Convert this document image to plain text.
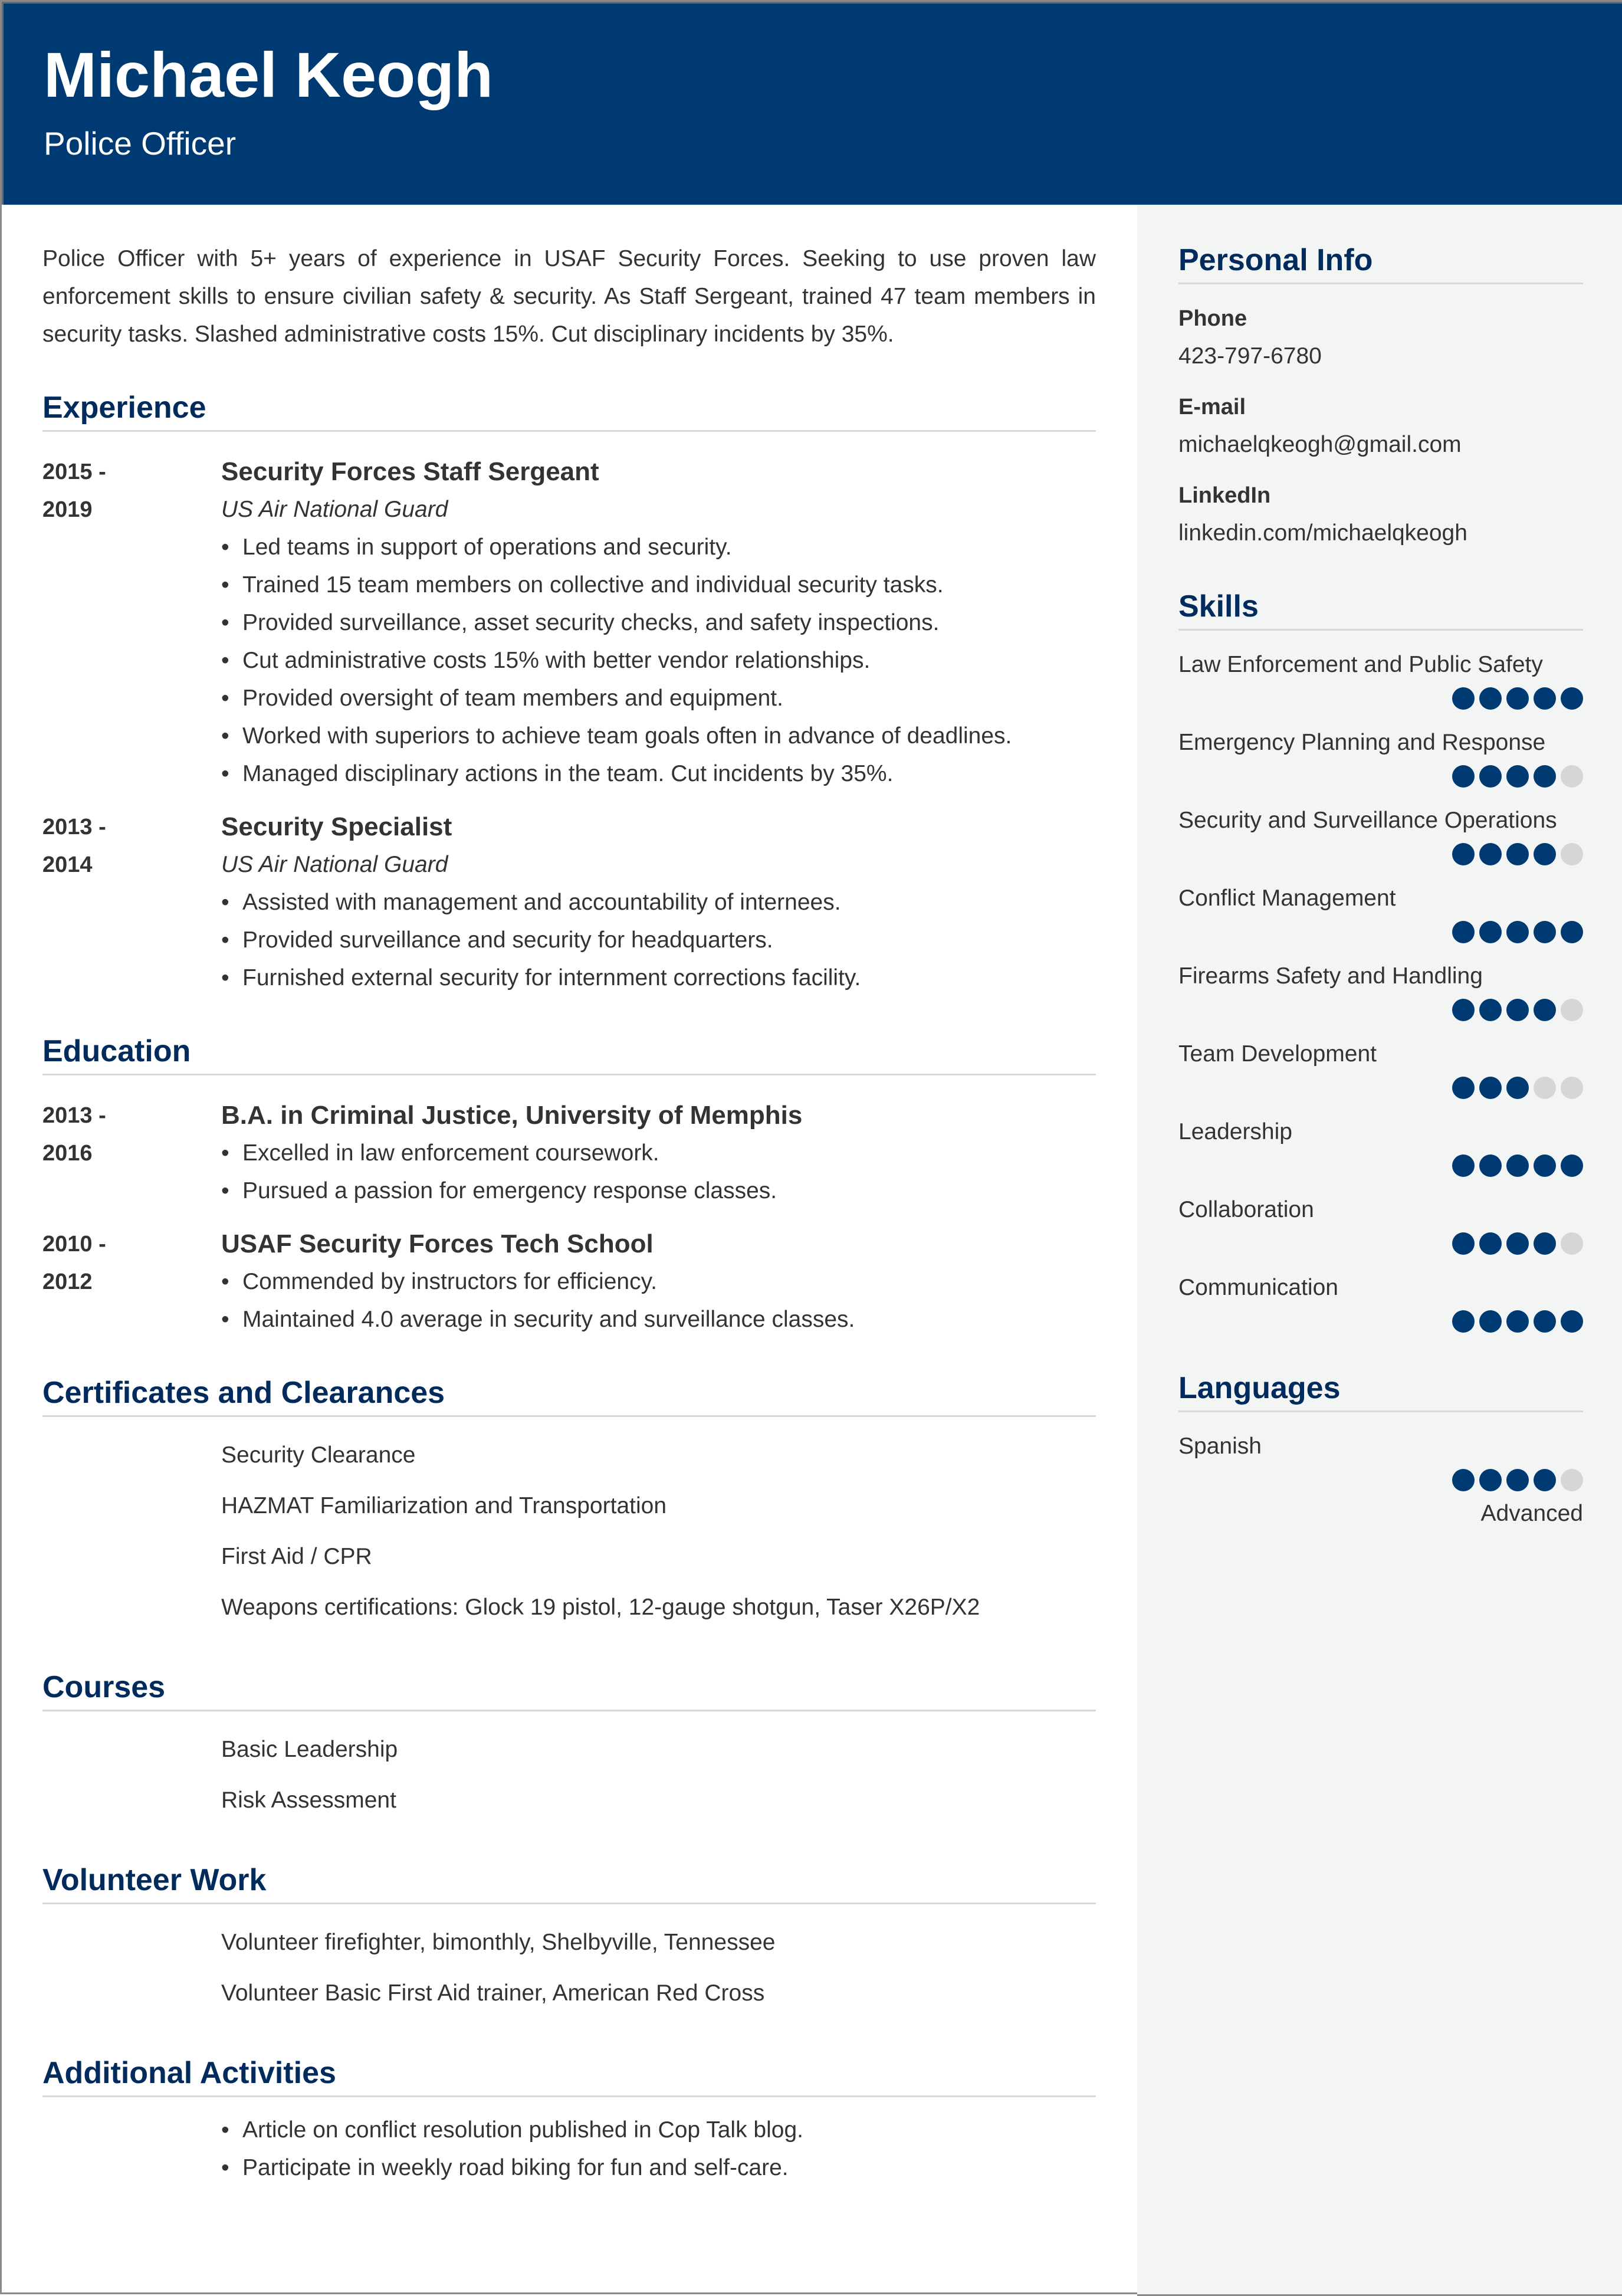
Michael Keogh
Police Officer

Police Officer with 5+ years of experience in USAF Security Forces. Seeking to use proven law enforcement skills to ensure civilian safety & security. As Staff Sergeant, trained 47 team members in security tasks. Slashed administrative costs 15%. Cut disciplinary incidents by 35%.

Experience
2015 -
2019
Security Forces Staff Sergeant
US Air National Guard
• Led teams in support of operations and security.
• Trained 15 team members on collective and individual security tasks.
• Provided surveillance, asset security checks, and safety inspections.
• Cut administrative costs 15% with better vendor relationships.
• Provided oversight of team members and equipment.
• Worked with superiors to achieve team goals often in advance of deadlines.
• Managed disciplinary actions in the team. Cut incidents by 35%.
2013 -
2014
Security Specialist
US Air National Guard
• Assisted with management and accountability of internees.
• Provided surveillance and security for headquarters.
• Furnished external security for internment corrections facility.
Education
2013 -
2016
B.A. in Criminal Justice, University of Memphis
• Excelled in law enforcement coursework.
• Pursued a passion for emergency response classes.
2010 -
2012
USAF Security Forces Tech School
• Commended by instructors for efficiency.
• Maintained 4.0 average in security and surveillance classes.
Certificates and Clearances
Security Clearance
HAZMAT Familiarization and Transportation
First Aid / CPR
Weapons certifications: Glock 19 pistol, 12-gauge shotgun, Taser X26P/X2
Courses
Basic Leadership
Risk Assessment
Volunteer Work
Volunteer firefighter, bimonthly, Shelbyville, Tennessee
Volunteer Basic First Aid trainer, American Red Cross
Additional Activities
• Article on conflict resolution published in Cop Talk blog.
• Participate in weekly road biking for fun and self-care.
Personal Info
Phone
423-797-6780
E-mail
michaelqkeogh@gmail.com
LinkedIn
linkedin.com/michaelqkeogh
Skills
Law Enforcement and Public Safety
Emergency Planning and Response
Security and Surveillance Operations
Conflict Management
Firearms Safety and Handling
Team Development
Leadership
Collaboration
Communication
Languages
Spanish
Advanced
